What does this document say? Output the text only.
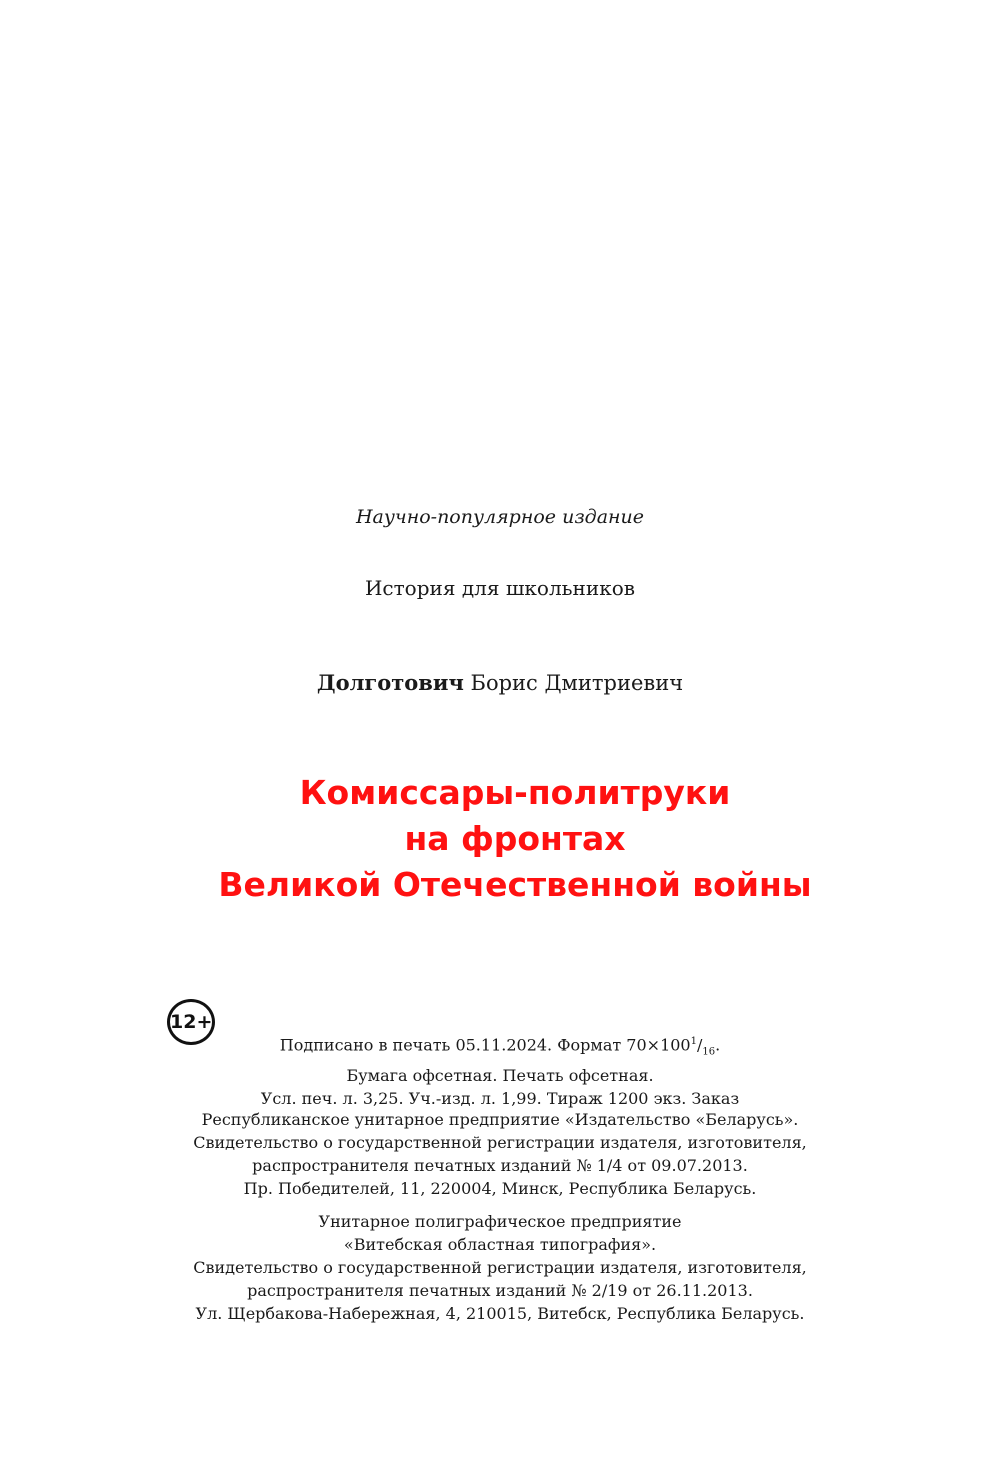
Научно-популярное издание
История для школьников
Долготович Борис Дмитриевич
Комиссары-политруки
на фронтах
Великой Отечественной войны
12+
Подписано в печать 05.11.2024. Формат $70\times 100^1/_{16}$.
Бумага офсетная. Печать офсетная.
Усл. печ. л. 3,25. Уч.-изд. л. 1,99. Тираж 1200 экз. Заказ
Республиканское унитарное предприятие «Издательство «Беларусь».
Свидетельство о государственной регистрации издателя, изготовителя,
распространителя печатных изданий № 1/4 от 09.07.2013.
Пр. Победителей, 11, 220004, Минск, Республика Беларусь.
Унитарное полиграфическое предприятие
«Витебская областная типография».
Свидетельство о государственной регистрации издателя, изготовителя,
распространителя печатных изданий № 2/19 от 26.11.2013.
Ул. Щербакова-Набережная, 4, 210015, Витебск, Республика Беларусь.
